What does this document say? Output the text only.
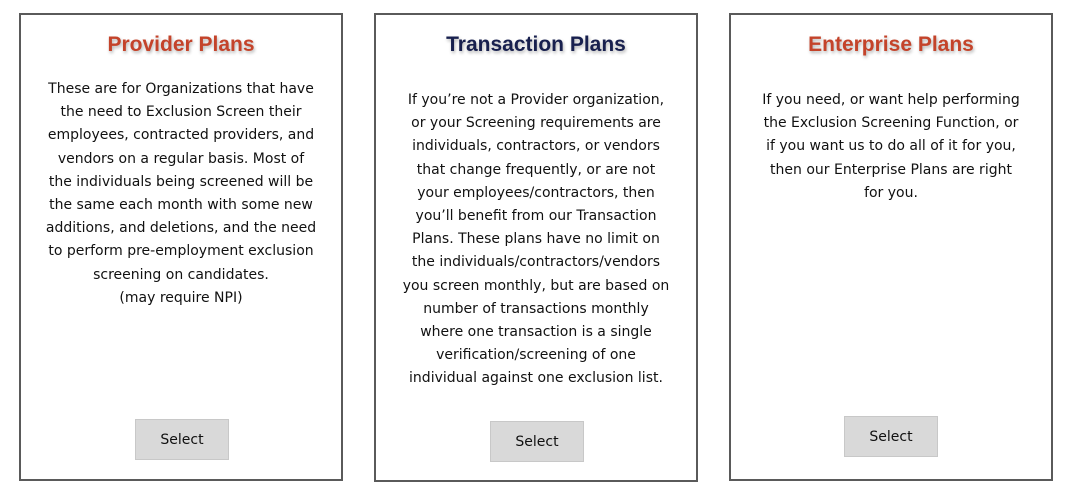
Provider Plans
These are for Organizations that have the need to Exclusion Screen their employees, contracted providers, and vendors on a regular basis. Most of the individuals being screened will be the same each month with some new additions, and deletions, and the need to perform pre-employment exclusion screening on candidates.
(may require NPI)
Select
Transaction Plans
If you’re not a Provider organization, or your Screening requirements are individuals, contractors, or vendors that change frequently, or are not your employees/contractors, then you’ll benefit from our Transaction Plans. These plans have no limit on the individuals/contractors/vendors you screen monthly, but are based on number of transactions monthly where one transaction is a single verification/screening of one individual against one exclusion list.
Select
Enterprise Plans
If you need, or want help performing the Exclusion Screening Function, or if you want us to do all of it for you, then our Enterprise Plans are right for you.
Select
